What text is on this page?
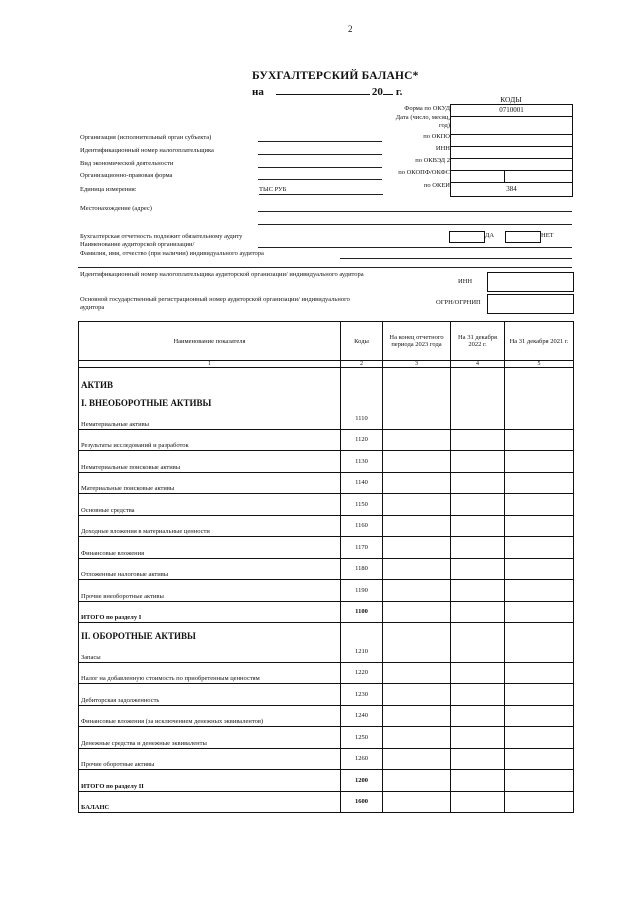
2
БУХГАЛТЕРСКИЙ БАЛАНС*
на	20 г.
КОДЫ
Форма по ОКУД
Дата (число, месяц, год)
по ОКПО
ИНН
по ОКВЭД 2
по ОКОПФ/ОКФС
по ОКЕИ
0710001
384
Организация (исполнительный орган субъекта)
Идентификационный номер налогоплательщика
Вид экономической деятельности
Организационно-правовая форма
Единица измерения:	ТЫС РУБ
Местонахождение (адрес)
Бухгалтерская отчетность подлежит обязательному аудиту	ДА	НЕТ
Наименование аудиторской организации/
Фамилия, имя, отчество (при наличии) индивидуального аудитора
Идентификационный номер налогоплательщика аудиторской организации/ индивидуального аудитора
ИНН
Основной государственный регистрационный номер аудиторской организации/ индивидуального аудитора
ОГРН/ОГРНИП
Наименование показателя	Коды	На конец отчетного периода 2023 года	На 31 декабря 2022 г.	На 31 декабря 2021 г.
1	2	3	4	5
АКТИВ				
I. ВНЕОБОРОТНЫЕ АКТИВЫ				
Нематериальные активы	1110			
Результаты исследований и разработок	1120			
Нематериальные поисковые активы	1130			
Материальные поисковые активы	1140			
Основные средства	1150			
Доходные вложения в материальные ценности	1160			
Финансовые вложения	1170			
Отложенные налоговые активы	1180			
Прочие внеоборотные активы	1190			
ИТОГО по разделу I	1100			
II. ОБОРОТНЫЕ АКТИВЫ				
Запасы	1210			
Налог на добавленную стоимость по приобретенным ценностям	1220			
Дебиторская задолженность	1230			
Финансовые вложения (за исключением денежных эквивалентов)	1240			
Денежные средства и денежные эквиваленты	1250			
Прочие оборотные активы	1260			
ИТОГО по разделу II	1200			
БАЛАНС	1600			
